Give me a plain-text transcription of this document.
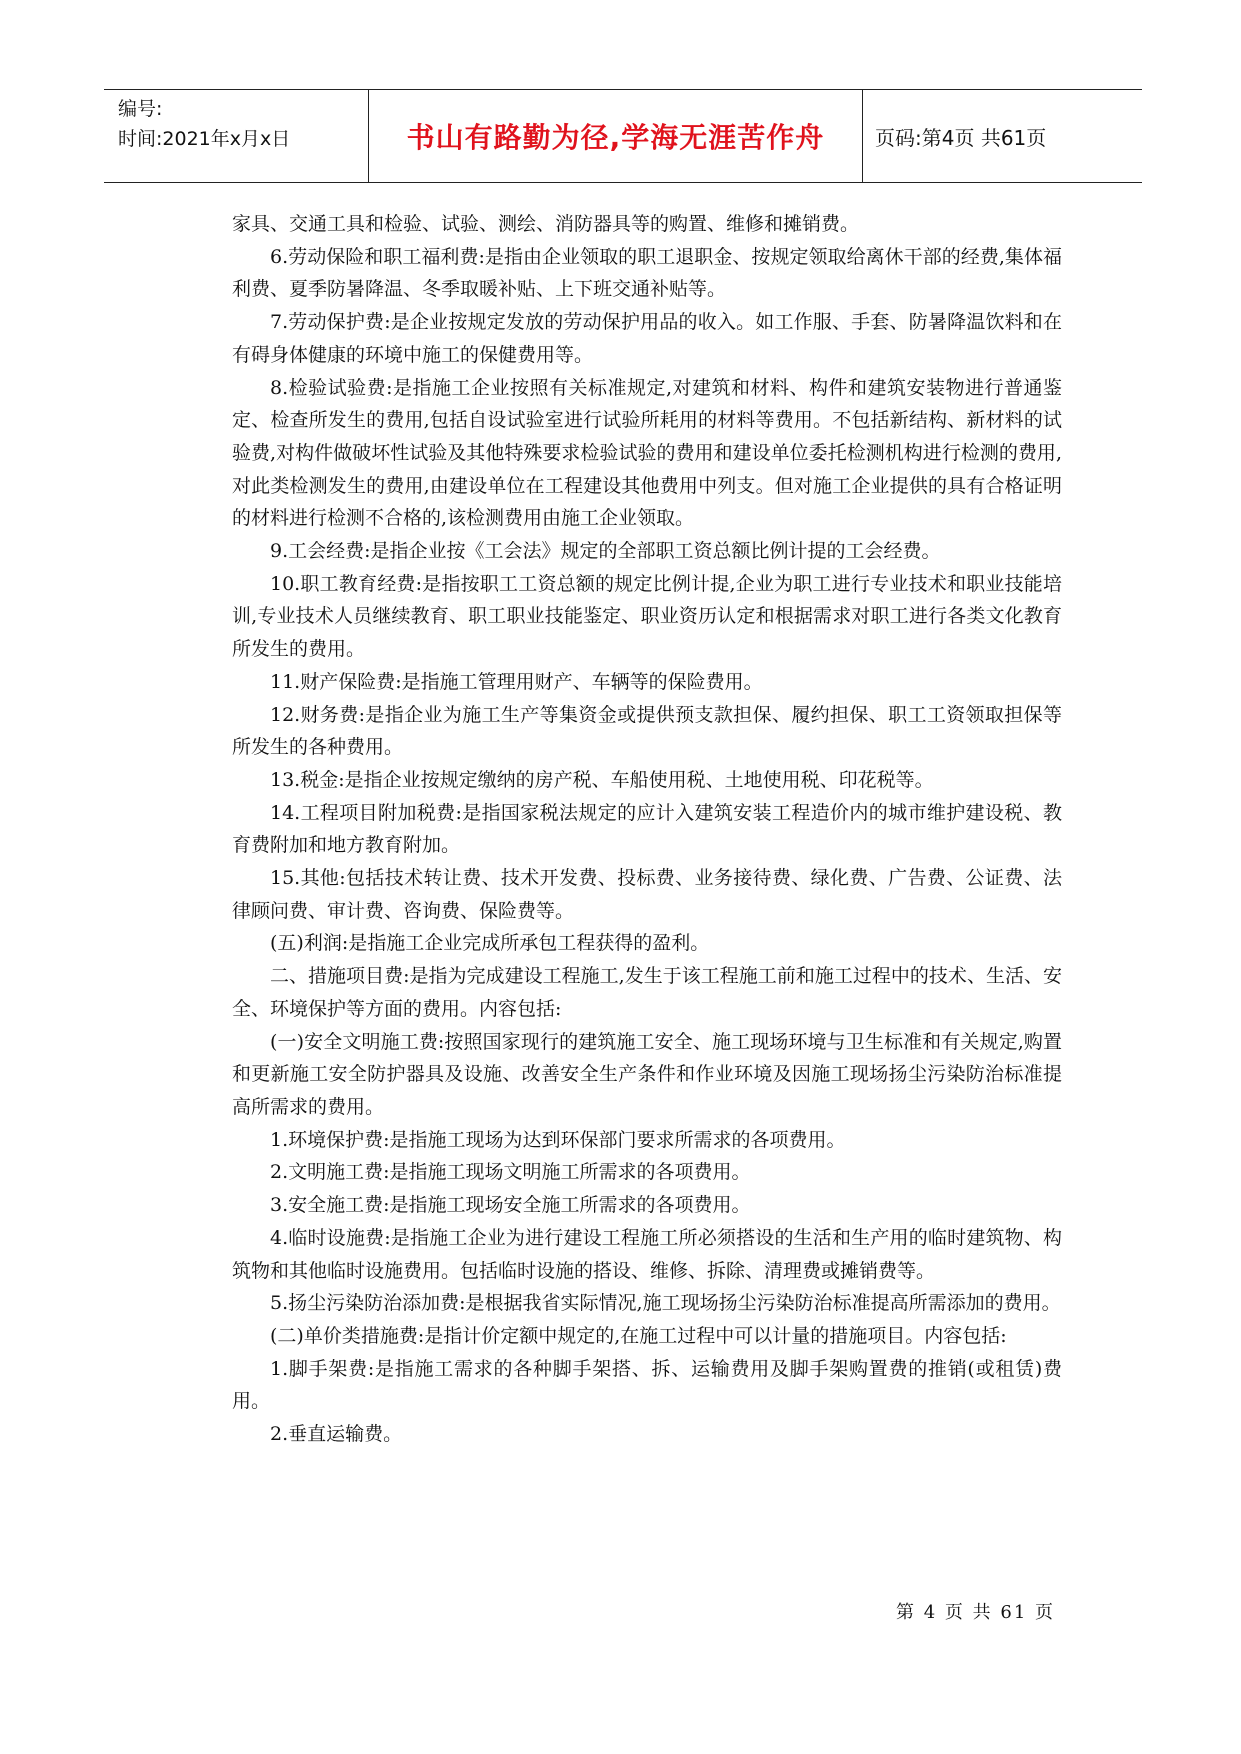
编号:
时间:2021年x月x日	书山有路勤为径,学海无涯苦作舟	页码:第4页 共61页

家具、交通工具和检验、试验、测绘、消防器具等的购置、维修和摊销费。

6.劳动保险和职工福利费:是指由企业领取的职工退职金、按规定领取给离休干部的经费,集体福利费、夏季防暑降温、冬季取暖补贴、上下班交通补贴等。

7.劳动保护费:是企业按规定发放的劳动保护用品的收入。如工作服、手套、防暑降温饮料和在有碍身体健康的环境中施工的保健费用等。

8.检验试验费:是指施工企业按照有关标准规定,对建筑和材料、构件和建筑安装物进行普通鉴定、检查所发生的费用,包括自设试验室进行试验所耗用的材料等费用。不包括新结构、新材料的试验费,对构件做破坏性试验及其他特殊要求检验试验的费用和建设单位委托检测机构进行检测的费用,对此类检测发生的费用,由建设单位在工程建设其他费用中列支。但对施工企业提供的具有合格证明的材料进行检测不合格的,该检测费用由施工企业领取。

9.工会经费:是指企业按《工会法》规定的全部职工资总额比例计提的工会经费。

10.职工教育经费:是指按职工工资总额的规定比例计提,企业为职工进行专业技术和职业技能培训,专业技术人员继续教育、职工职业技能鉴定、职业资历认定和根据需求对职工进行各类文化教育所发生的费用。

11.财产保险费:是指施工管理用财产、车辆等的保险费用。

12.财务费:是指企业为施工生产等集资金或提供预支款担保、履约担保、职工工资领取担保等所发生的各种费用。

13.税金:是指企业按规定缴纳的房产税、车船使用税、土地使用税、印花税等。

14.工程项目附加税费:是指国家税法规定的应计入建筑安装工程造价内的城市维护建设税、教育费附加和地方教育附加。

15.其他:包括技术转让费、技术开发费、投标费、业务接待费、绿化费、广告费、公证费、法律顾问费、审计费、咨询费、保险费等。

(五)利润:是指施工企业完成所承包工程获得的盈利。

二、措施项目费:是指为完成建设工程施工,发生于该工程施工前和施工过程中的技术、生活、安全、环境保护等方面的费用。内容包括:

(一)安全文明施工费:按照国家现行的建筑施工安全、施工现场环境与卫生标准和有关规定,购置和更新施工安全防护器具及设施、改善安全生产条件和作业环境及因施工现场扬尘污染防治标准提高所需求的费用。

1.环境保护费:是指施工现场为达到环保部门要求所需求的各项费用。

2.文明施工费:是指施工现场文明施工所需求的各项费用。

3.安全施工费:是指施工现场安全施工所需求的各项费用。

4.临时设施费:是指施工企业为进行建设工程施工所必须搭设的生活和生产用的临时建筑物、构筑物和其他临时设施费用。包括临时设施的搭设、维修、拆除、清理费或摊销费等。

5.扬尘污染防治添加费:是根据我省实际情况,施工现场扬尘污染防治标准提高所需添加的费用。

(二)单价类措施费:是指计价定额中规定的,在施工过程中可以计量的措施项目。内容包括:

1.脚手架费:是指施工需求的各种脚手架搭、拆、运输费用及脚手架购置费的推销(或租赁)费用。

2.垂直运输费。

第 4 页 共 61 页
